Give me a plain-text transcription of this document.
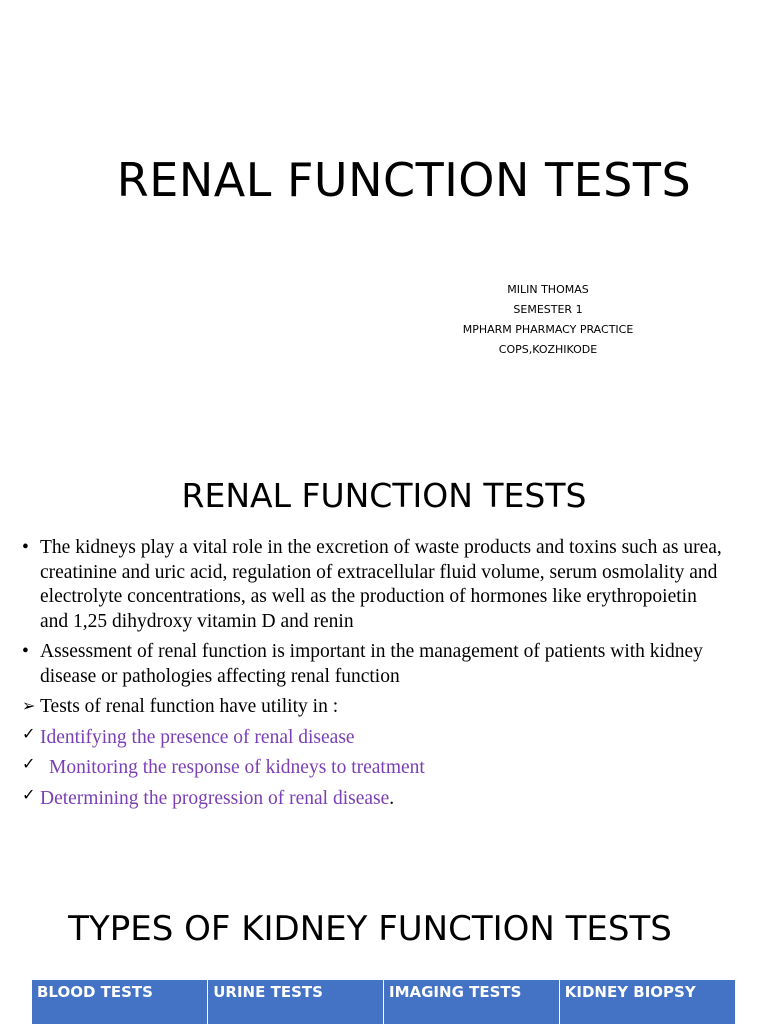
RENAL FUNCTION TESTS
MILIN THOMAS
SEMESTER 1
MPHARM PHARMACY PRACTICE
COPS,KOZHIKODE
RENAL FUNCTION TESTS
• The kidneys play a vital role in the excretion of waste products and toxins such as urea, creatinine and uric acid, regulation of extracellular fluid volume, serum osmolality and electrolyte concentrations, as well as the production of hormones like erythropoietin and 1,25 dihydroxy vitamin D and renin
• Assessment of renal function is important in the management of patients with kidney disease or pathologies affecting renal function
➢ Tests of renal function have utility in :
✓ Identifying the presence of renal disease
✓ Monitoring the response of kidneys to treatment
✓ Determining the progression of renal disease.
TYPES OF KIDNEY FUNCTION TESTS
BLOOD TESTS	URINE TESTS	IMAGING TESTS	KIDNEY BIOPSY
